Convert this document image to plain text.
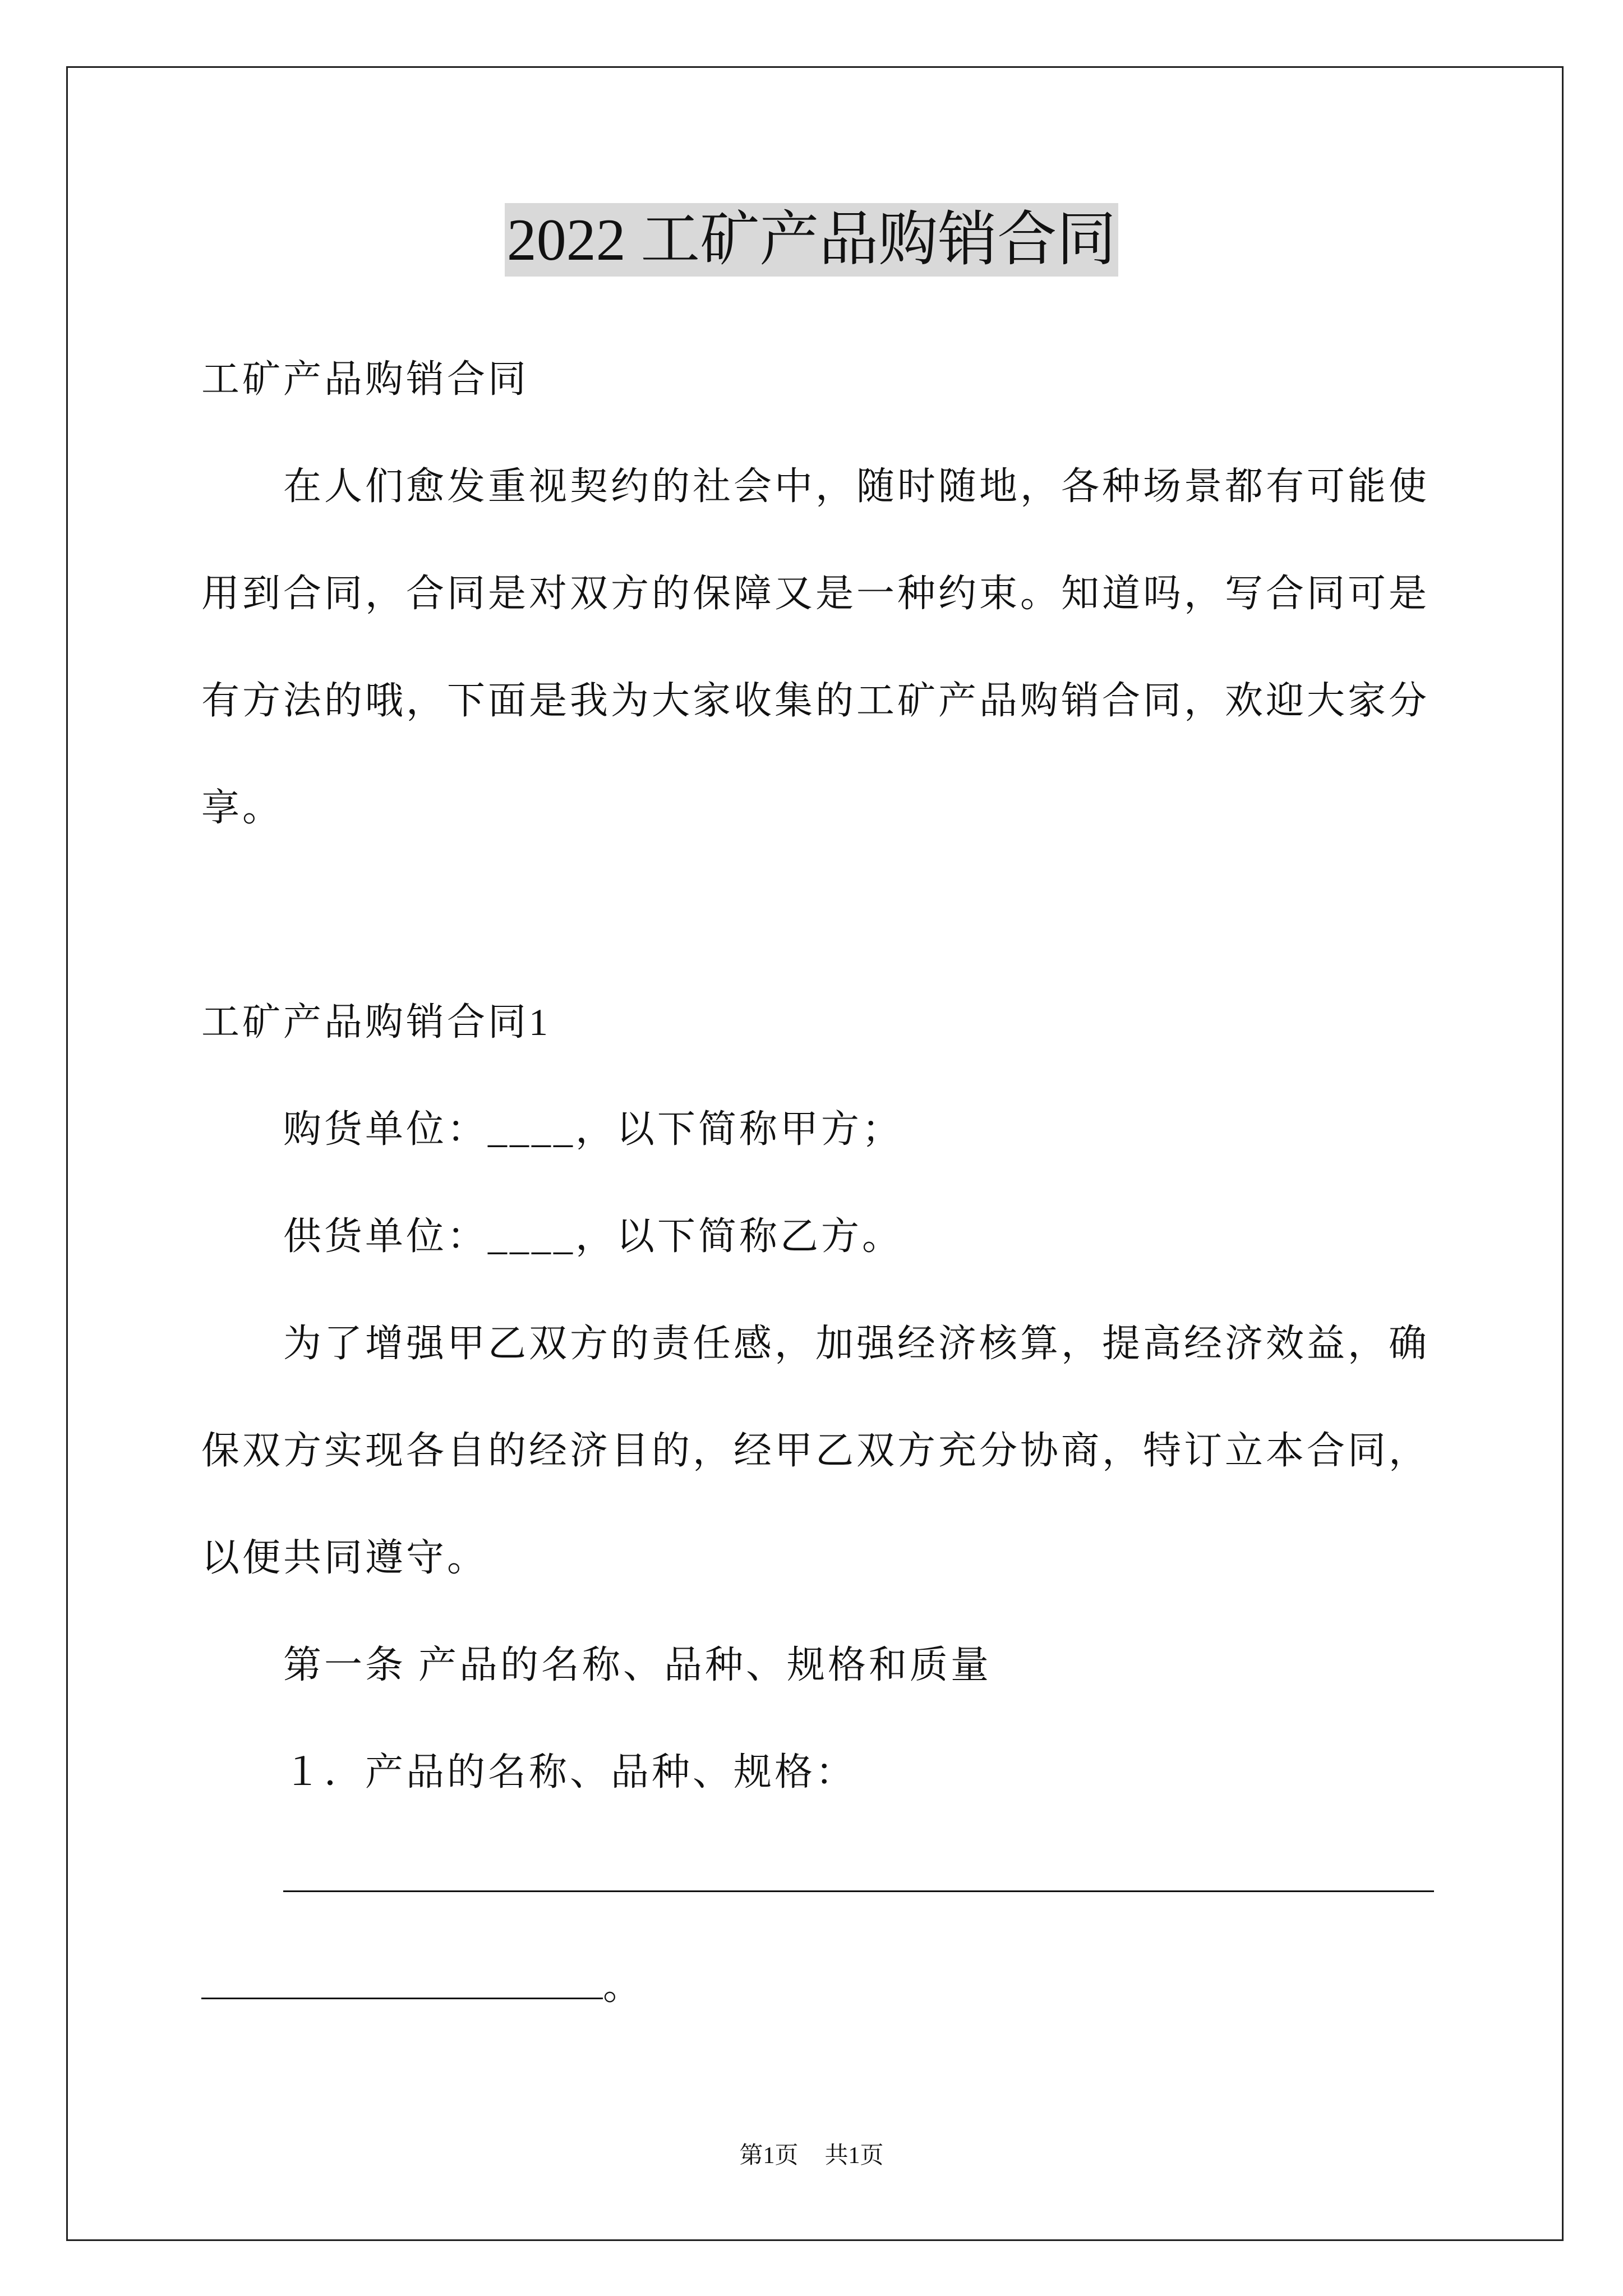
2022 工矿产品购销合同

工矿产品购销合同

在人们愈发重视契约的社会中，随时随地，各种场景都有可能使用到合同，合同是对双方的保障又是一种约束。知道吗，写合同可是有方法的哦，下面是我为大家收集的工矿产品购销合同，欢迎大家分享。

工矿产品购销合同1

购货单位：____，以下简称甲方；

供货单位：____，以下简称乙方。

为了增强甲乙双方的责任感，加强经济核算，提高经济效益，确保双方实现各自的经济目的，经甲乙双方充分协商，特订立本合同，以便共同遵守。

第一条 产品的名称、品种、规格和质量

１．产品的名称、品种、规格：

。

第1页 共1页
